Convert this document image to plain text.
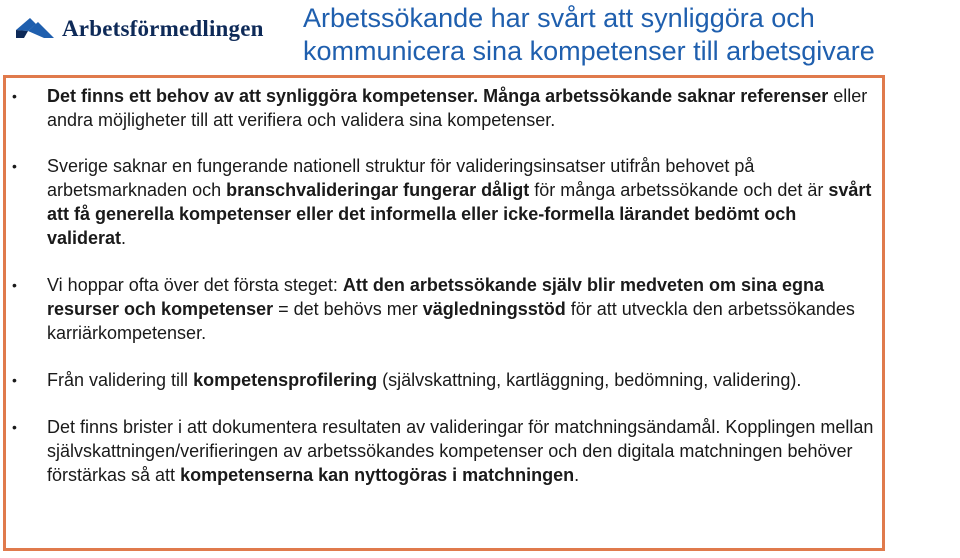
Arbetsförmedlingen Arbetssökande har svårt att synliggöra och
kommunicera sina kompetenser till arbetsgivare
• Det finns ett behov av att synliggöra kompetenser. Många arbetssökande saknar referenser eller andra möjligheter till att verifiera och validera sina kompetenser.
• Sverige saknar en fungerande nationell struktur för valideringsinsatser utifrån behovet på arbetsmarknaden och branschvalideringar fungerar dåligt för många arbetssökande och det är svårt att få generella kompetenser eller det informella eller icke-formella lärandet bedömt och validerat.
• Vi hoppar ofta över det första steget: Att den arbetssökande själv blir medveten om sina egna resurser och kompetenser = det behövs mer vägledningsstöd för att utveckla den arbetssökandes karriärkompetenser.
• Från validering till kompetensprofilering (självskattning, kartläggning, bedömning, validering).
• Det finns brister i att dokumentera resultaten av valideringar för matchningsändamål. Kopplingen mellan självskattningen/verifieringen av arbetssökandes kompetenser och den digitala matchningen behöver förstärkas så att kompetenserna kan nyttogöras i matchningen.
